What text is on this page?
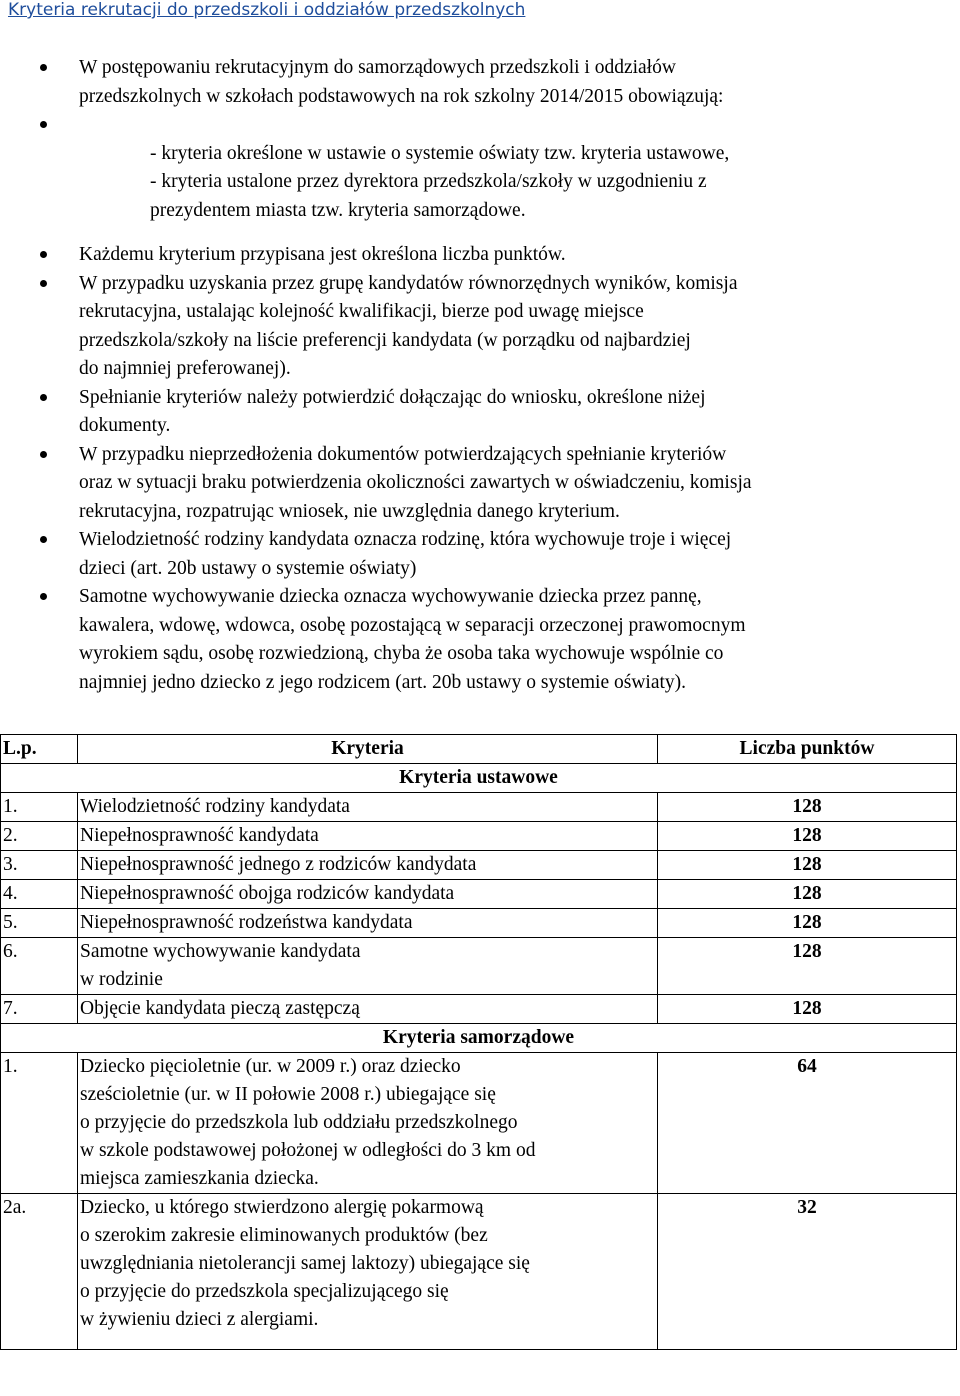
Kryteria rekrutacji do przedszkoli i oddziałów przedszkolnych
W postępowaniu rekrutacyjnym do samorządowych przedszkoli i oddziałów
przedszkolnych w szkołach podstawowych na rok szkolny 2014/2015 obowiązują:
- kryteria określone w ustawie o systemie oświaty tzw. kryteria ustawowe,
- kryteria ustalone przez dyrektora przedszkola/szkoły w uzgodnieniu z
prezydentem miasta tzw. kryteria samorządowe.
Każdemu kryterium przypisana jest określona liczba punktów.
W przypadku uzyskania przez grupę kandydatów równorzędnych wyników, komisja
rekrutacyjna, ustalając kolejność kwalifikacji, bierze pod uwagę miejsce
przedszkola/szkoły na liście preferencji kandydata (w porządku od najbardziej
do najmniej preferowanej).
Spełnianie kryteriów należy potwierdzić dołączając do wniosku, określone niżej
dokumenty.
W przypadku nieprzedłożenia dokumentów potwierdzających spełnianie kryteriów
oraz w sytuacji braku potwierdzenia okoliczności zawartych w oświadczeniu, komisja
rekrutacyjna, rozpatrując wniosek, nie uwzględnia danego kryterium.
Wielodzietność rodziny kandydata oznacza rodzinę, która wychowuje troje i więcej
dzieci (art. 20b ustawy o systemie oświaty)
Samotne wychowywanie dziecka oznacza wychowywanie dziecka przez pannę,
kawalera, wdowę, wdowca, osobę pozostającą w separacji orzeczonej prawomocnym
wyrokiem sądu, osobę rozwiedzioną, chyba że osoba taka wychowuje wspólnie co
najmniej jedno dziecko z jego rodzicem (art. 20b ustawy o systemie oświaty).
L.p.	Kryteria	Liczba punktów
Kryteria ustawowe		
1.	Wielodzietność rodziny kandydata	128
2.	Niepełnosprawność kandydata	128
3.	Niepełnosprawność jednego z rodziców kandydata	128
4.	Niepełnosprawność obojga rodziców kandydata	128
5.	Niepełnosprawność rodzeństwa kandydata	128
6.	Samotne wychowywanie kandydata
w rodzinie	128
7.	Objęcie kandydata pieczą zastępczą	128
Kryteria samorządowe		
1.	Dziecko pięcioletnie (ur. w 2009 r.) oraz dziecko
sześcioletnie (ur. w II połowie 2008 r.) ubiegające się
o przyjęcie do przedszkola lub oddziału przedszkolnego
w szkole podstawowej położonej w odległości do 3 km od
miejsca zamieszkania dziecka.	64
2a.	Dziecko, u którego stwierdzono alergię pokarmową
o szerokim zakresie eliminowanych produktów (bez
uwzględniania nietolerancji samej laktozy) ubiegające się
o przyjęcie do przedszkola specjalizującego się
w żywieniu dzieci z alergiami.	32
